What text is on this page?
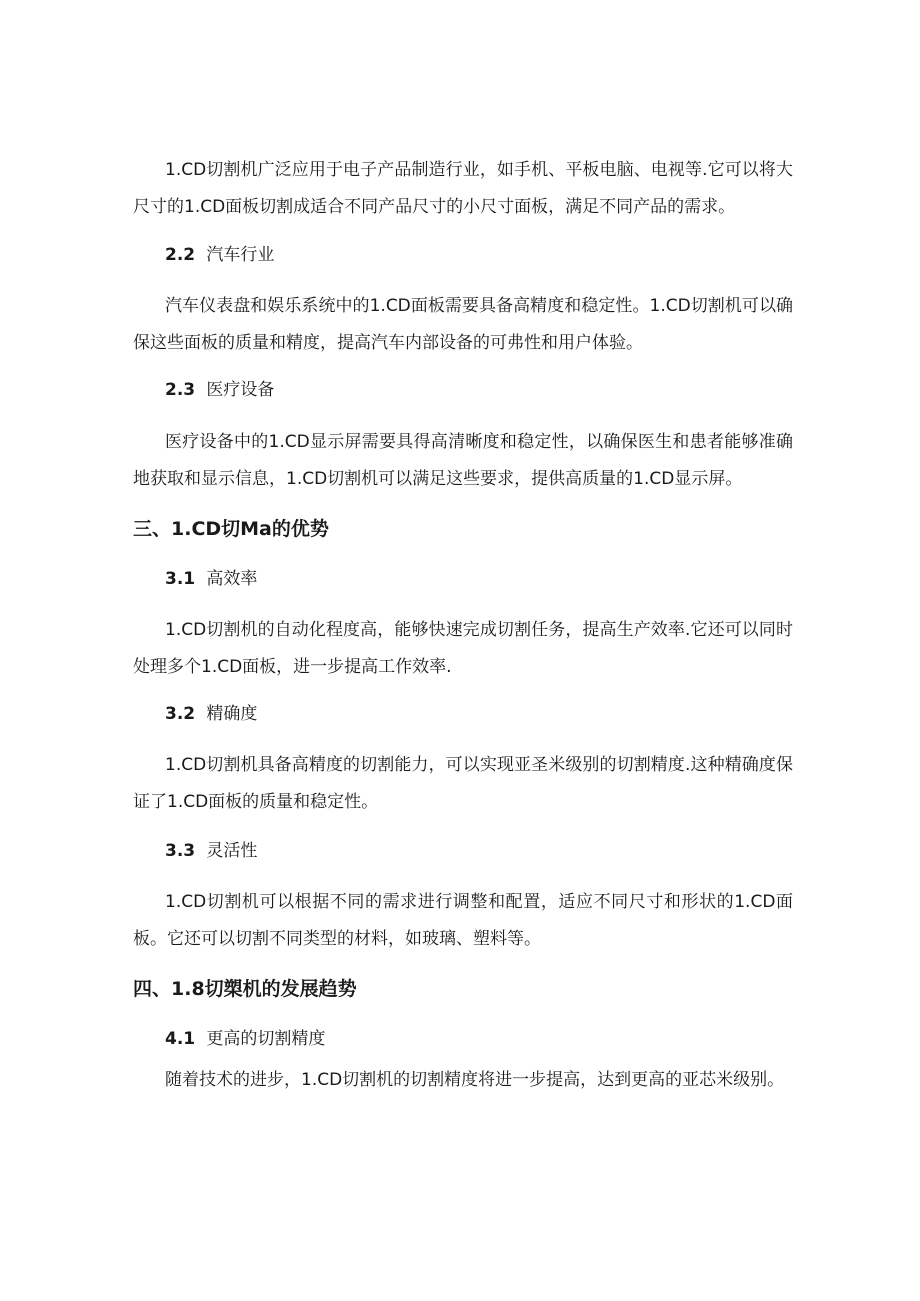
1.CD切割机广泛应用于电子产品制造行业，如手机、平板电脑、电视等.它可以将大尺寸的1.CD面板切割成适合不同产品尺寸的小尺寸面板，满足不同产品的需求。

2.2 汽车行业

汽车仪表盘和娱乐系统中的1.CD面板需要具备高精度和稳定性。1.CD切割机可以确保这些面板的质量和精度，提高汽车内部设备的可弗性和用户体验。

2.3 医疗设备

医疗设备中的1.CD显示屏需要具得高清晰度和稳定性，以确保医生和患者能够准确地获取和显示信息，1.CD切割机可以满足这些要求，提供高质量的1.CD显示屏。

三、1.CD切Ma的优势
3.1 高效率

1.CD切割机的自动化程度高，能够快速完成切割任务，提高生产效率.它还可以同时处理多个1.CD面板，进一步提高工作效率.

3.2 精确度

1.CD切割机具备高精度的切割能力，可以实现亚圣米级别的切割精度.这种精确度保证了1.CD面板的质量和稳定性。

3.3 灵活性

1.CD切割机可以根据不同的需求进行调整和配置，适应不同尺寸和形状的1.CD面板。它还可以切割不同类型的材料，如玻璃、塑料等。

四、1.8切槊机的发展趋势
4.1 更高的切割精度

随着技术的进步，1.CD切割机的切割精度将进一步提高，达到更高的亚芯米级别。
